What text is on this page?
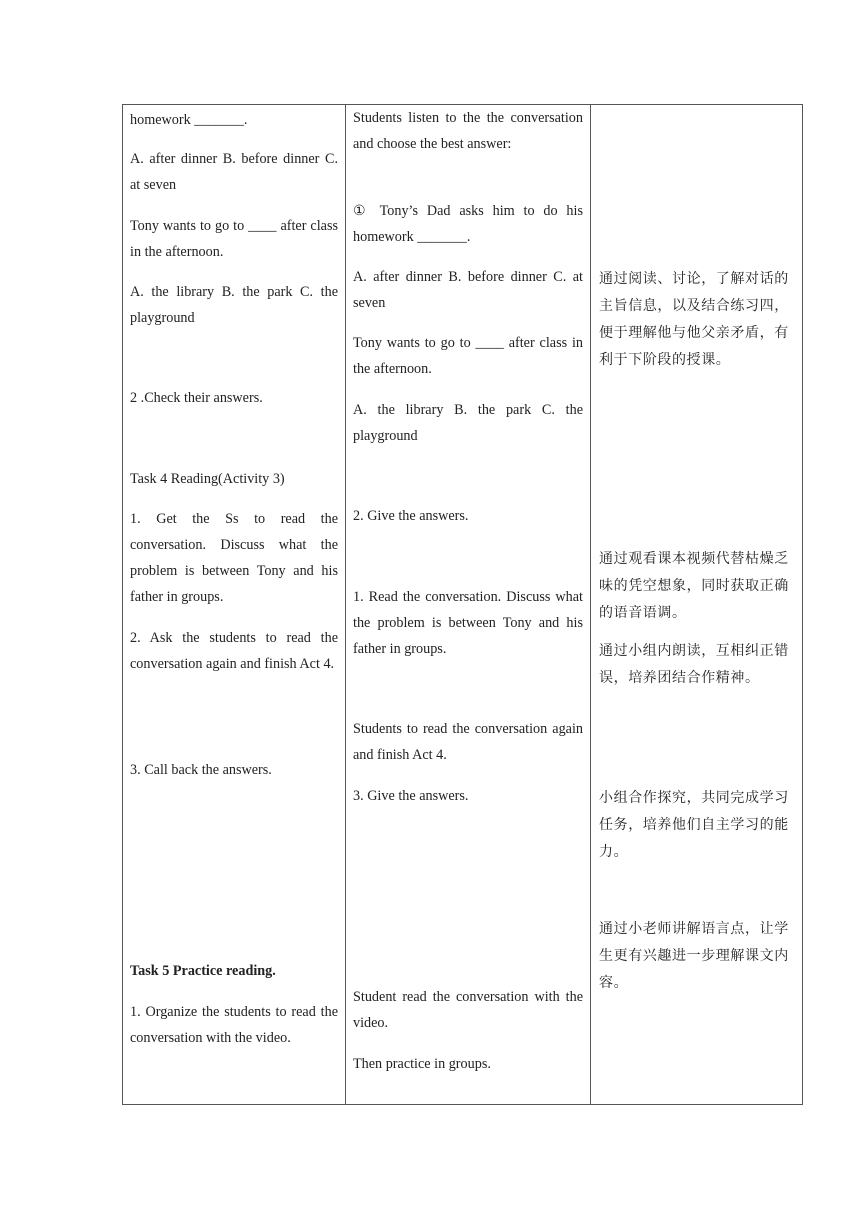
homework _______.

A. after dinner B. before dinner C. at seven

Tony wants to go to ____ after class in the afternoon.

A. the library B. the park C. the playground

2 .Check their answers.

Task 4 Reading(Activity 3)

1. Get the Ss to read the conversation. Discuss what the problem is between Tony and his father in groups.

2. Ask the students to read the conversation again and finish Act 4.

3. Call back the answers.

Task 5 Practice reading.

1. Organize the students to read the conversation with the video.

Students listen to the the conversation and choose the best answer:

① Tony’s Dad asks him to do his homework _______.

A. after dinner B. before dinner C. at seven

Tony wants to go to ____ after class in the afternoon.

A. the library B. the park C. the playground

2. Give the answers.

1. Read the conversation. Discuss what the problem is between Tony and his father in groups.

Students to read the conversation again and finish Act 4.

3. Give the answers.

Student read the conversation with the video.

Then practice in groups.

通过阅读、讨论，了解对话的主旨信息，以及结合练习四，便于理解他与他父亲矛盾，有利于下阶段的授课。

通过观看课本视频代替枯燥乏味的凭空想象，同时获取正确的语音语调。

通过小组内朗读，互相纠正错误，培养团结合作精神。

小组合作探究，共同完成学习任务，培养他们自主学习的能力。

通过小老师讲解语言点，让学生更有兴趣进一步理解课文内容。
